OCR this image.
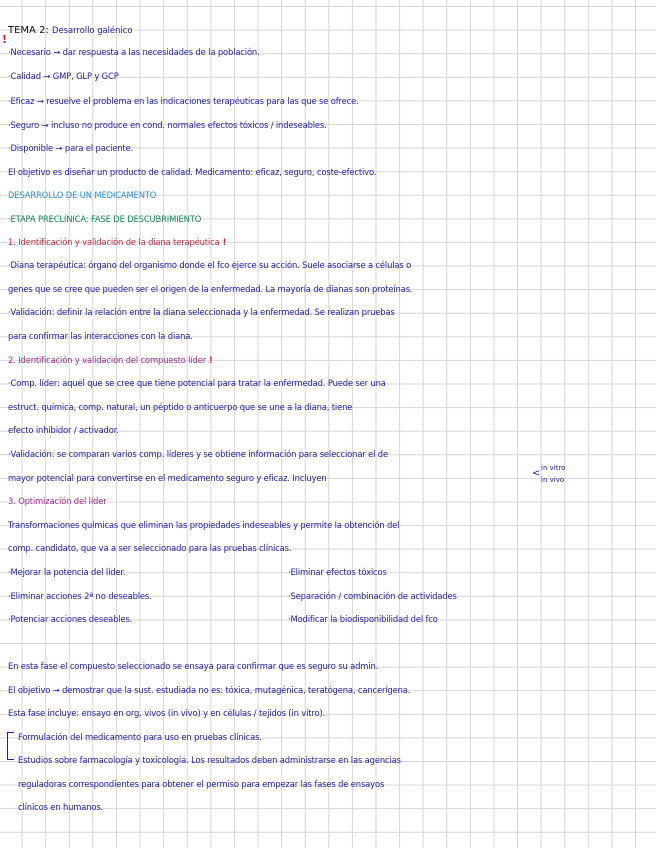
TEMA 2: Desarrollo galénico
!
·Necesario → dar respuesta a las necesidades de la población.
·Calidad → GMP, GLP y GCP
·Eficaz → resuelve el problema en las indicaciones terapéuticas para las que se ofrece.
·Seguro → incluso no produce en cond. normales efectos tóxicos / indeseables.
·Disponible → para el paciente.
El objetivo es diseñar un producto de calidad. Medicamento: eficaz, seguro, coste-efectivo.
DESARROLLO DE UN MEDICAMENTO
·ETAPA PRECLÍNICA: FASE DE DESCUBRIMIENTO
1. Identificación y validación de la diana terapéutica !
·Diana terapéutica: órgano del organismo donde el fco ejerce su acción. Suele asociarse a células o
genes que se cree que pueden ser el origen de la enfermedad. La mayoría de dianas son proteínas.
·Validación: definir la relación entre la diana seleccionada y la enfermedad. Se realizan pruebas
para confirmar las interacciones con la diana.
2. Identificación y validación del compuesto líder !
·Comp. líder: aquel que se cree que tiene potencial para tratar la enfermedad. Puede ser una
estruct. química, comp. natural, un péptido o anticuerpo que se une a la diana, tiene
efecto inhibidor / activador.
·Validación: se comparan varios comp. líderes y se obtiene información para seleccionar el de
mayor potencial para convertirse en el medicamento seguro y eficaz. Incluyen	< in vitro
in vivo
3. Optimización del líder
Transformaciones químicas que eliminan las propiedades indeseables y permite la obtención del
comp. candidato, que va a ser seleccionado para las pruebas clínicas.
·Mejorar la potencia del líder.
·Eliminar acciones 2ª no deseables.
·Potenciar acciones deseables.
·Eliminar efectos tóxicos
·Separación / combinación de actividades
·Modificar la biodisponibilidad del fco
En esta fase el compuesto seleccionado se ensaya para confirmar que es seguro su admin.
El objetivo → demostrar que la sust. estudiada no es: tóxica, mutagénica, teratógena, cancerígena.
Esta fase incluye: ensayo en org. vivos (in vivo) y en células / tejidos (in vitro).
Formulación del medicamento para uso en pruebas clínicas.
Estudios sobre farmacología y toxicología. Los resultados deben administrarse en las agencias
reguladoras correspondientes para obtener el permiso para empezar las fases de ensayos
clínicos en humanos.
